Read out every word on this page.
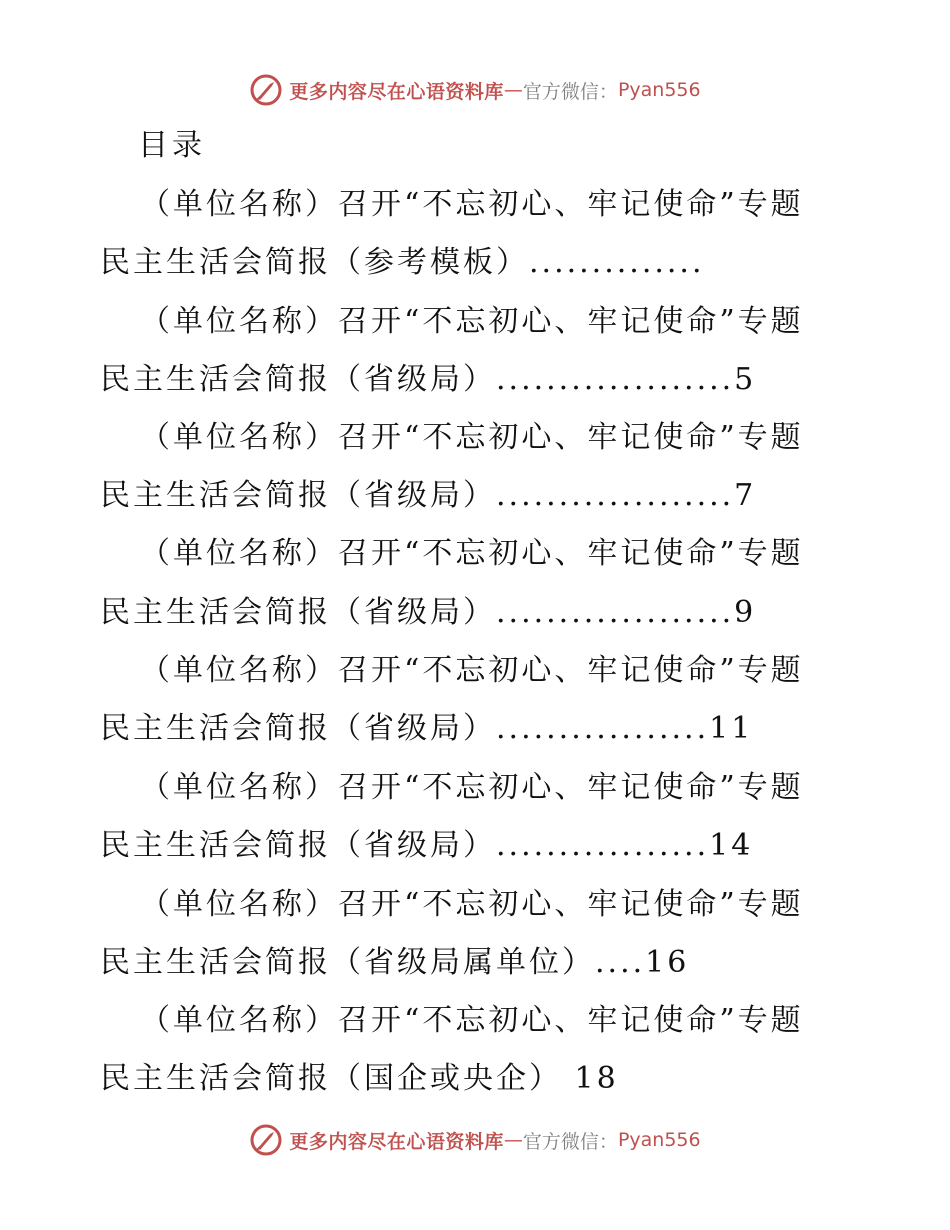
更多内容尽在心语资料库 — 官方微信： Pyan556
目录
（单位名称）召开“不忘初心、牢记使命”专题
民主生活会简报（参考模板）..............
（单位名称）召开“不忘初心、牢记使命”专题
民主生活会简报（省级局）...................5
（单位名称）召开“不忘初心、牢记使命”专题
民主生活会简报（省级局）...................7
（单位名称）召开“不忘初心、牢记使命”专题
民主生活会简报（省级局）...................9
（单位名称）召开“不忘初心、牢记使命”专题
民主生活会简报（省级局）.................11
（单位名称）召开“不忘初心、牢记使命”专题
民主生活会简报（省级局）.................14
（单位名称）召开“不忘初心、牢记使命”专题
民主生活会简报（省级局属单位）....16
（单位名称）召开“不忘初心、牢记使命”专题
民主生活会简报（国企或央企） 18
更多内容尽在心语资料库 — 官方微信： Pyan556
